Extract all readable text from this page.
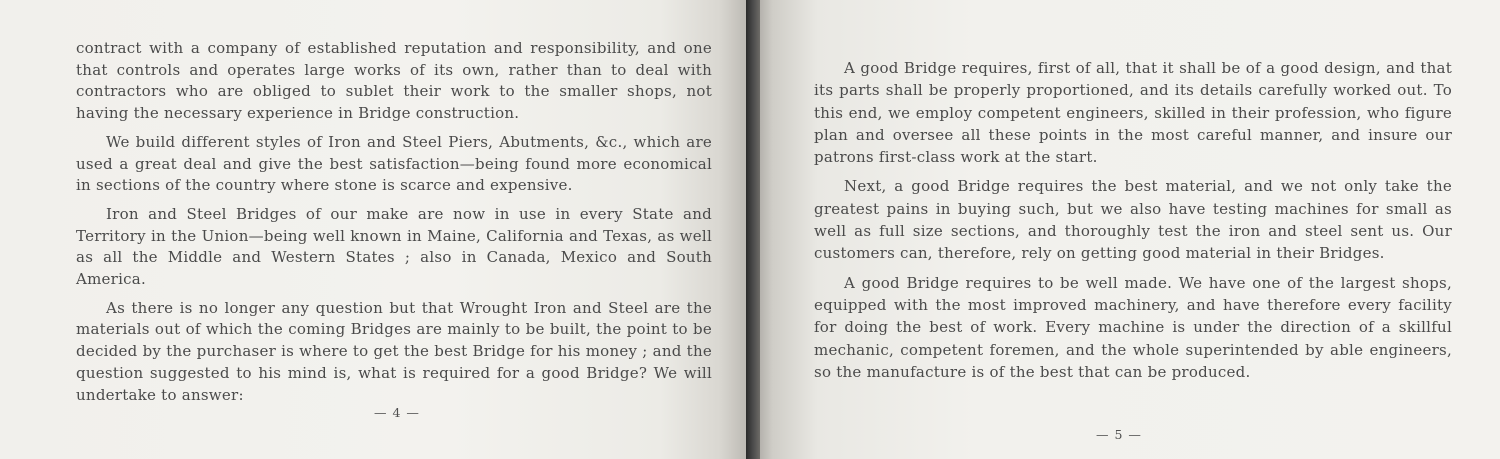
contract with a company of established reputation and responsibility, and one that controls and operates large works of its own, rather than to deal with contractors who are obliged to sublet their work to the smaller shops, not having the necessary experience in Bridge construction.

We build different styles of Iron and Steel Piers, Abutments, &c., which are used a great deal and give the best satisfaction—being found more economical in sections of the country where stone is scarce and expensive.

Iron and Steel Bridges of our make are now in use in every State and Territory in the Union—being well known in Maine, California and Texas, as well as all the Middle and Western States ; also in Canada, Mexico and South America.

As there is no longer any question but that Wrought Iron and Steel are the materials out of which the coming Bridges are mainly to be built, the point to be decided by the purchaser is where to get the best Bridge for his money ; and the question suggested to his mind is, what is required for a good Bridge? We will undertake to answer:

— 4 —

A good Bridge requires, first of all, that it shall be of a good design, and that its parts shall be properly proportioned, and its details carefully worked out. To this end, we employ competent engineers, skilled in their profession, who figure plan and oversee all these points in the most careful manner, and insure our patrons first-class work at the start.

Next, a good Bridge requires the best material, and we not only take the greatest pains in buying such, but we also have testing machines for small as well as full size sections, and thoroughly test the iron and steel sent us. Our customers can, therefore, rely on getting good material in their Bridges.

A good Bridge requires to be well made. We have one of the largest shops, equipped with the most improved machinery, and have therefore every facility for doing the best of work. Every machine is under the direction of a skillful mechanic, competent foremen, and the whole superintended by able engineers, so the manufacture is of the best that can be produced.

— 5 —
